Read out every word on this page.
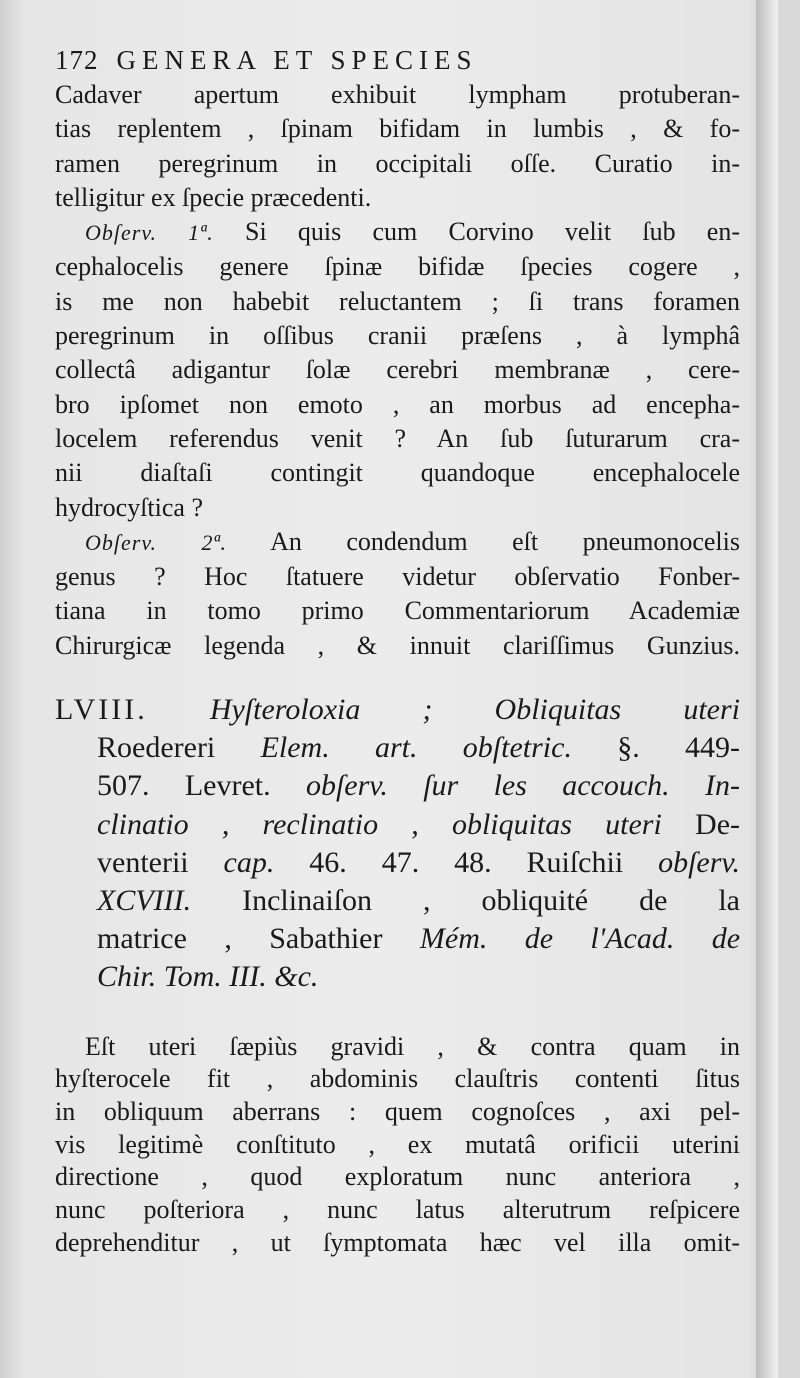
172 GENERA ET SPECIES
Cadaver apertum exhibuit lympham protuberan-
tias replentem , ſpinam bifidam in lumbis , & fo-
ramen peregrinum in occipitali oſſe. Curatio in-
telligitur ex ſpecie præcedenti.
Obſerv. 1ª. Si quis cum Corvino velit ſub en-
cephalocelis genere ſpinæ bifidæ ſpecies cogere ,
is me non habebit reluctantem ; ſi trans foramen
peregrinum in oſſibus cranii præſens , à lymphâ
collectâ adigantur ſolæ cerebri membranæ , cere-
bro ipſomet non emoto , an morbus ad encepha-
locelem referendus venit ? An ſub ſuturarum cra-
nii diaſtaſi contingit quandoque encephalocele
hydrocyſtica ?
Obſerv. 2ª. An condendum eſt pneumonocelis
genus ? Hoc ſtatuere videtur obſervatio Fonber-
tiana in tomo primo Commentariorum Academiæ
Chirurgicæ legenda , & innuit clariſſimus Gunzius.
LVIII. Hyſteroloxia ; Obliquitas uteri
Roedereri Elem. art. obſtetric. §. 449-
507. Levret. obſerv. ſur les accouch. In-
clinatio , reclinatio , obliquitas uteri De-
venterii cap. 46. 47. 48. Ruiſchii obſerv.
XCVIII. Inclinaiſon , obliquité de la
matrice , Sabathier Mém. de l'Acad. de
Chir. Tom. III. &c.
Eſt uteri ſæpiùs gravidi , & contra quam in
hyſterocele fit , abdominis clauſtris contenti ſitus
in obliquum aberrans : quem cognoſces , axi pel-
vis legitimè conſtituto , ex mutatâ orificii uterini
directione , quod exploratum nunc anteriora ,
nunc poſteriora , nunc latus alterutrum reſpicere
deprehenditur , ut ſymptomata hæc vel illa omit-
